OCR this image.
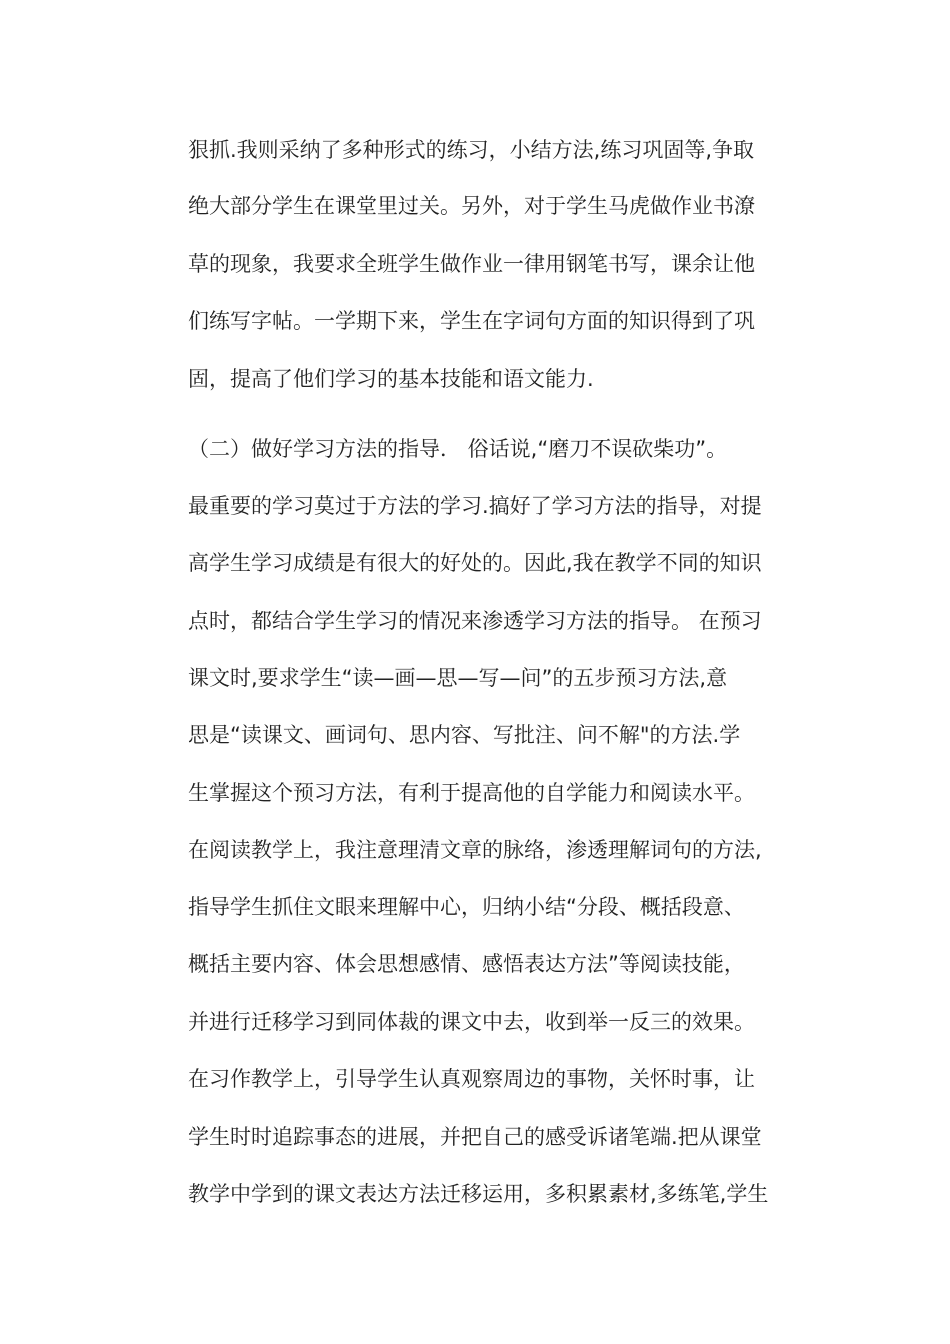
狠抓.我则采纳了多种形式的练习，小结方法,练习巩固等,争取
绝大部分学生在课堂里过关。另外，对于学生马虎做作业书潦
草的现象，我要求全班学生做作业一律用钢笔书写，课余让他
们练写字帖。一学期下来，学生在字词句方面的知识得到了巩
固，提高了他们学习的基本技能和语文能力.
（二）做好学习方法的指导． 俗话说,“磨刀不误砍柴功”。
最重要的学习莫过于方法的学习.搞好了学习方法的指导，对提
高学生学习成绩是有很大的好处的。因此,我在教学不同的知识
点时，都结合学生学习的情况来渗透学习方法的指导。 在预习
课文时,要求学生“读—画—思—写—问”的五步预习方法,意
思是“读课文、画词句、思内容、写批注、问不解"的方法.学
生掌握这个预习方法，有利于提高他的自学能力和阅读水平。
在阅读教学上，我注意理清文章的脉络，渗透理解词句的方法,
指导学生抓住文眼来理解中心，归纳小结“分段、概括段意、
概括主要内容、体会思想感情、感悟表达方法”等阅读技能，
并进行迁移学习到同体裁的课文中去，收到举一反三的效果。
在习作教学上，引导学生认真观察周边的事物，关怀时事，让
学生时时追踪事态的进展，并把自己的感受诉诸笔端.把从课堂
教学中学到的课文表达方法迁移运用，多积累素材,多练笔,学生
